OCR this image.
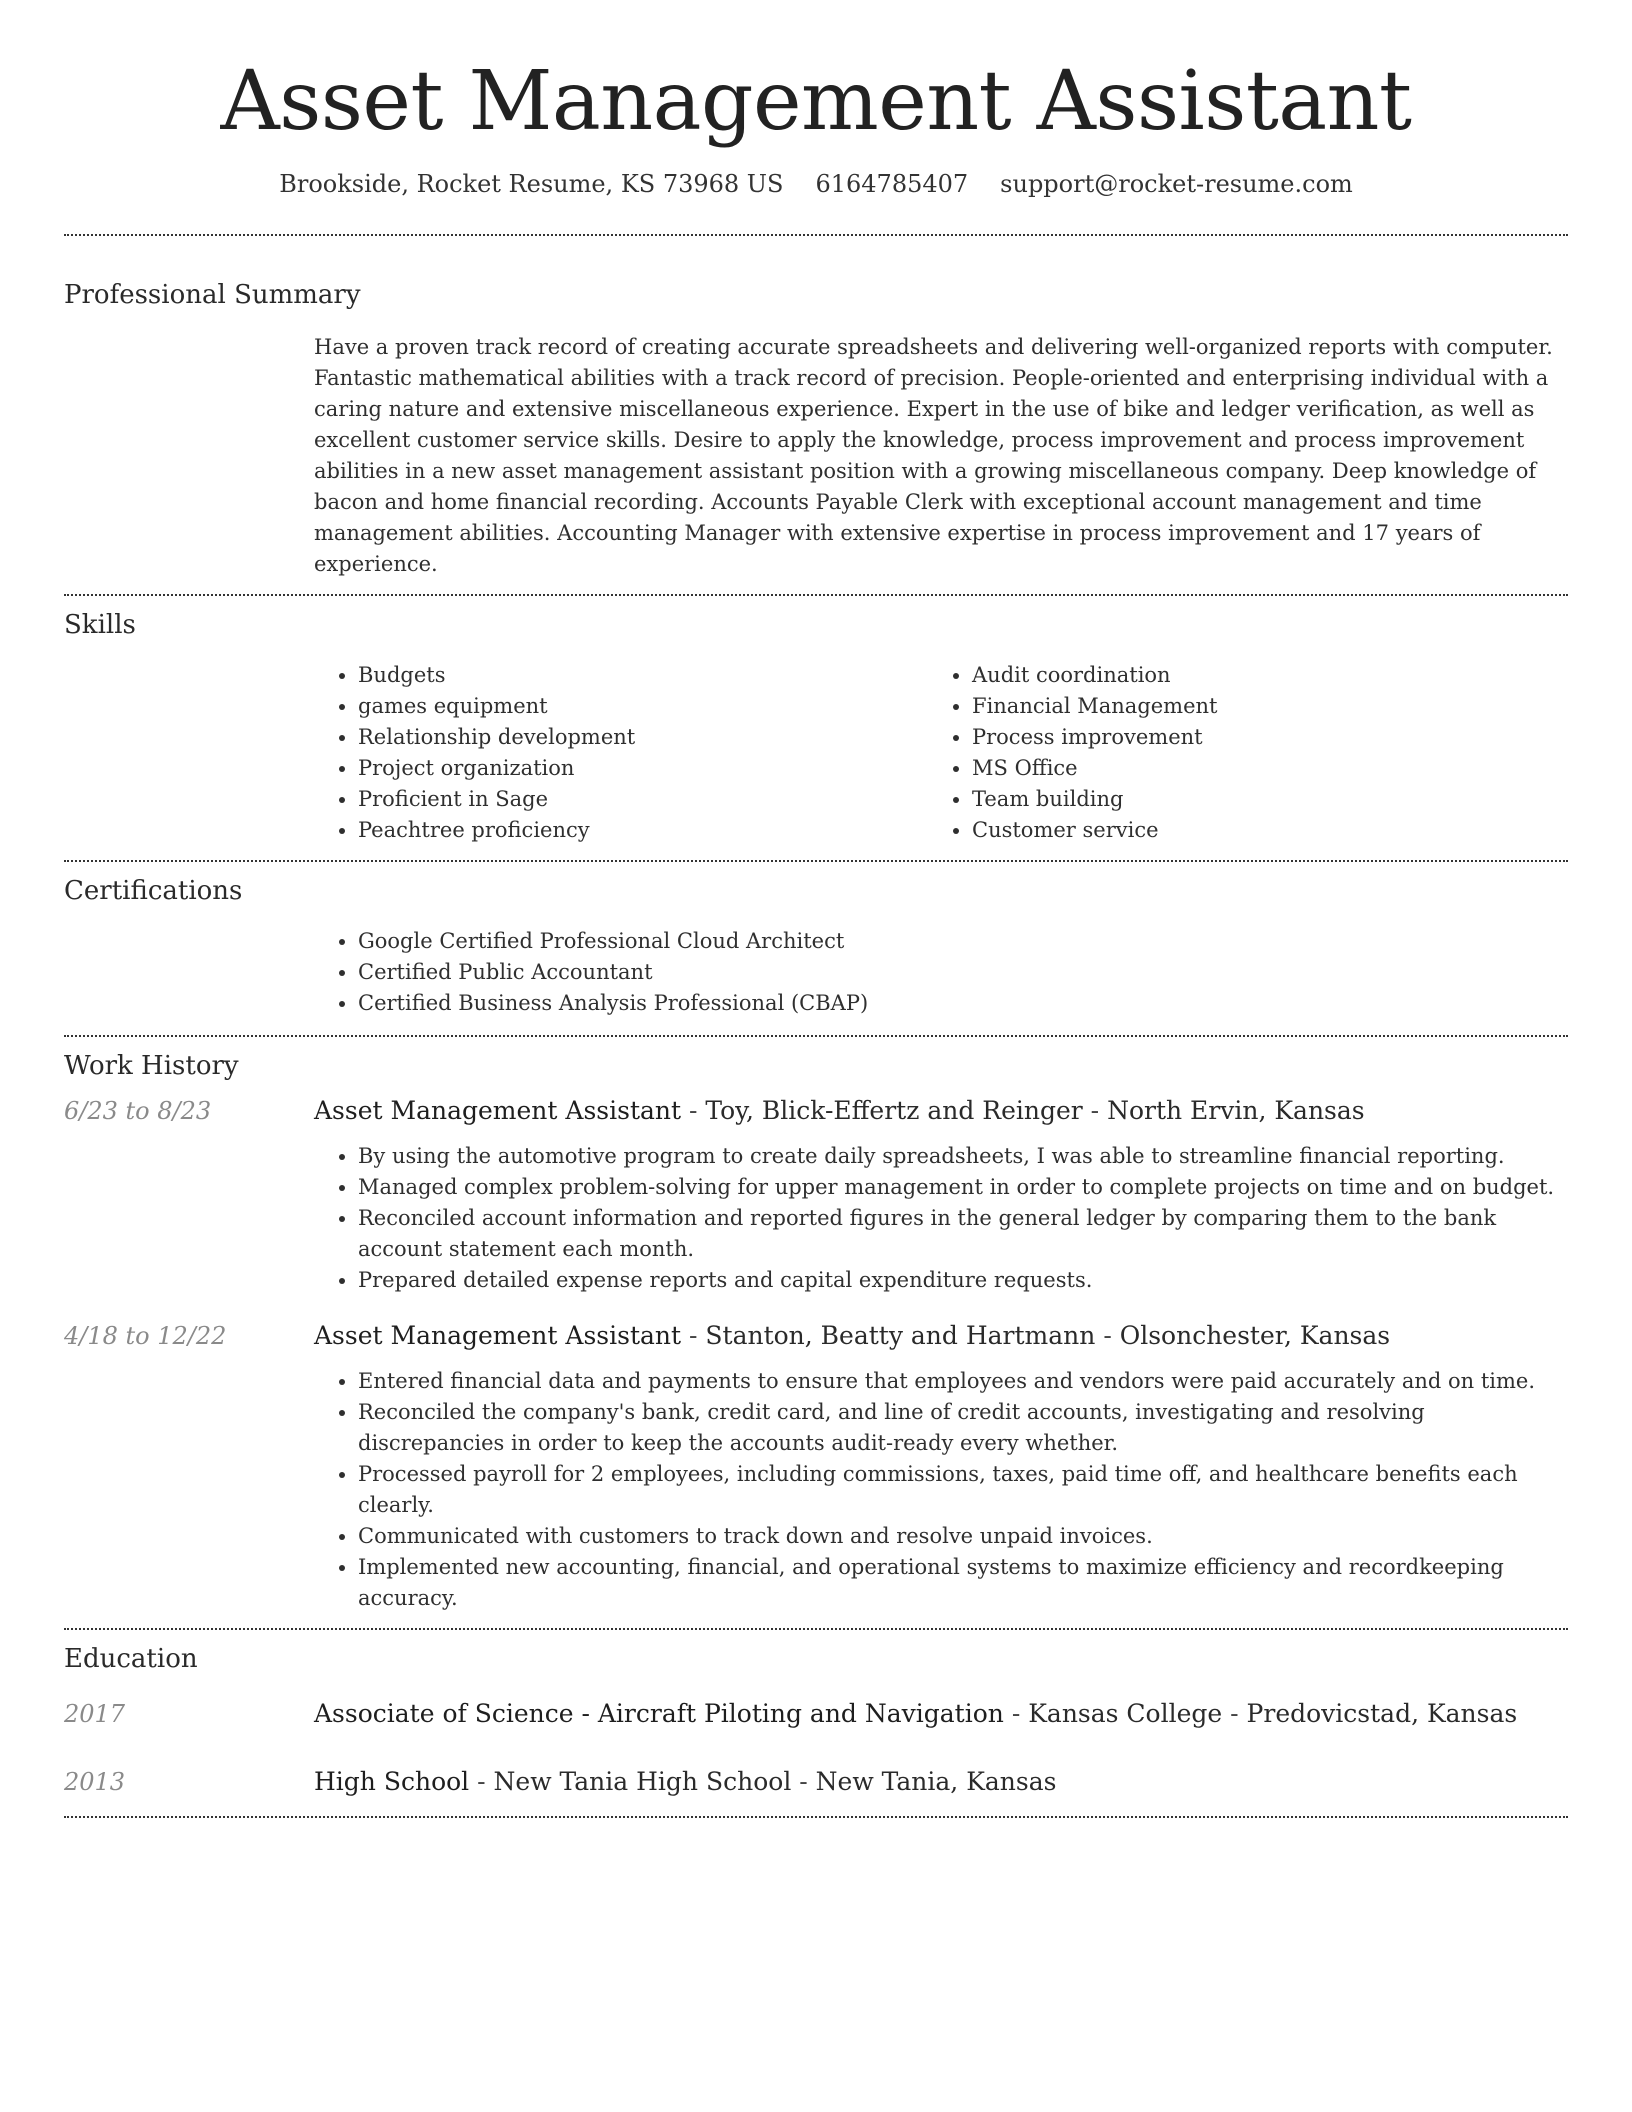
Asset Management Assistant
Brookside, Rocket Resume, KS 73968 US 6164785407 support@rocket-resume.com
Professional Summary

Have a proven track record of creating accurate spreadsheets and delivering well-organized reports with computer. Fantastic mathematical abilities with a track record of precision. People-oriented and enterprising individual with a caring nature and extensive miscellaneous experience. Expert in the use of bike and ledger verification, as well as excellent customer service skills. Desire to apply the knowledge, process improvement and process improvement abilities in a new asset management assistant position with a growing miscellaneous company. Deep knowledge of bacon and home financial recording. Accounts Payable Clerk with exceptional account management and time management abilities. Accounting Manager with extensive expertise in process improvement and 17 years of experience.

Skills
• Budgets
• games equipment
• Relationship development
• Project organization
• Proficient in Sage
• Peachtree proficiency
• Audit coordination
• Financial Management
• Process improvement
• MS Office
• Team building
• Customer service
Certifications
• Google Certified Professional Cloud Architect
• Certified Public Accountant
• Certified Business Analysis Professional (CBAP)
Work History
6/23 to 8/23	Asset Management Assistant - Toy, Blick-Effertz and Reinger - North Ervin, Kansas
• By using the automotive program to create daily spreadsheets, I was able to streamline financial reporting.
• Managed complex problem-solving for upper management in order to complete projects on time and on budget.
• Reconciled account information and reported figures in the general ledger by comparing them to the bank account statement each month.
• Prepared detailed expense reports and capital expenditure requests.
4/18 to 12/22	Asset Management Assistant - Stanton, Beatty and Hartmann - Olsonchester, Kansas
• Entered financial data and payments to ensure that employees and vendors were paid accurately and on time.
• Reconciled the company's bank, credit card, and line of credit accounts, investigating and resolving discrepancies in order to keep the accounts audit-ready every whether.
• Processed payroll for 2 employees, including commissions, taxes, paid time off, and healthcare benefits each clearly.
• Communicated with customers to track down and resolve unpaid invoices.
• Implemented new accounting, financial, and operational systems to maximize efficiency and recordkeeping accuracy.
Education
2017	Associate of Science - Aircraft Piloting and Navigation - Kansas College - Predovicstad, Kansas
2013	High School - New Tania High School - New Tania, Kansas
